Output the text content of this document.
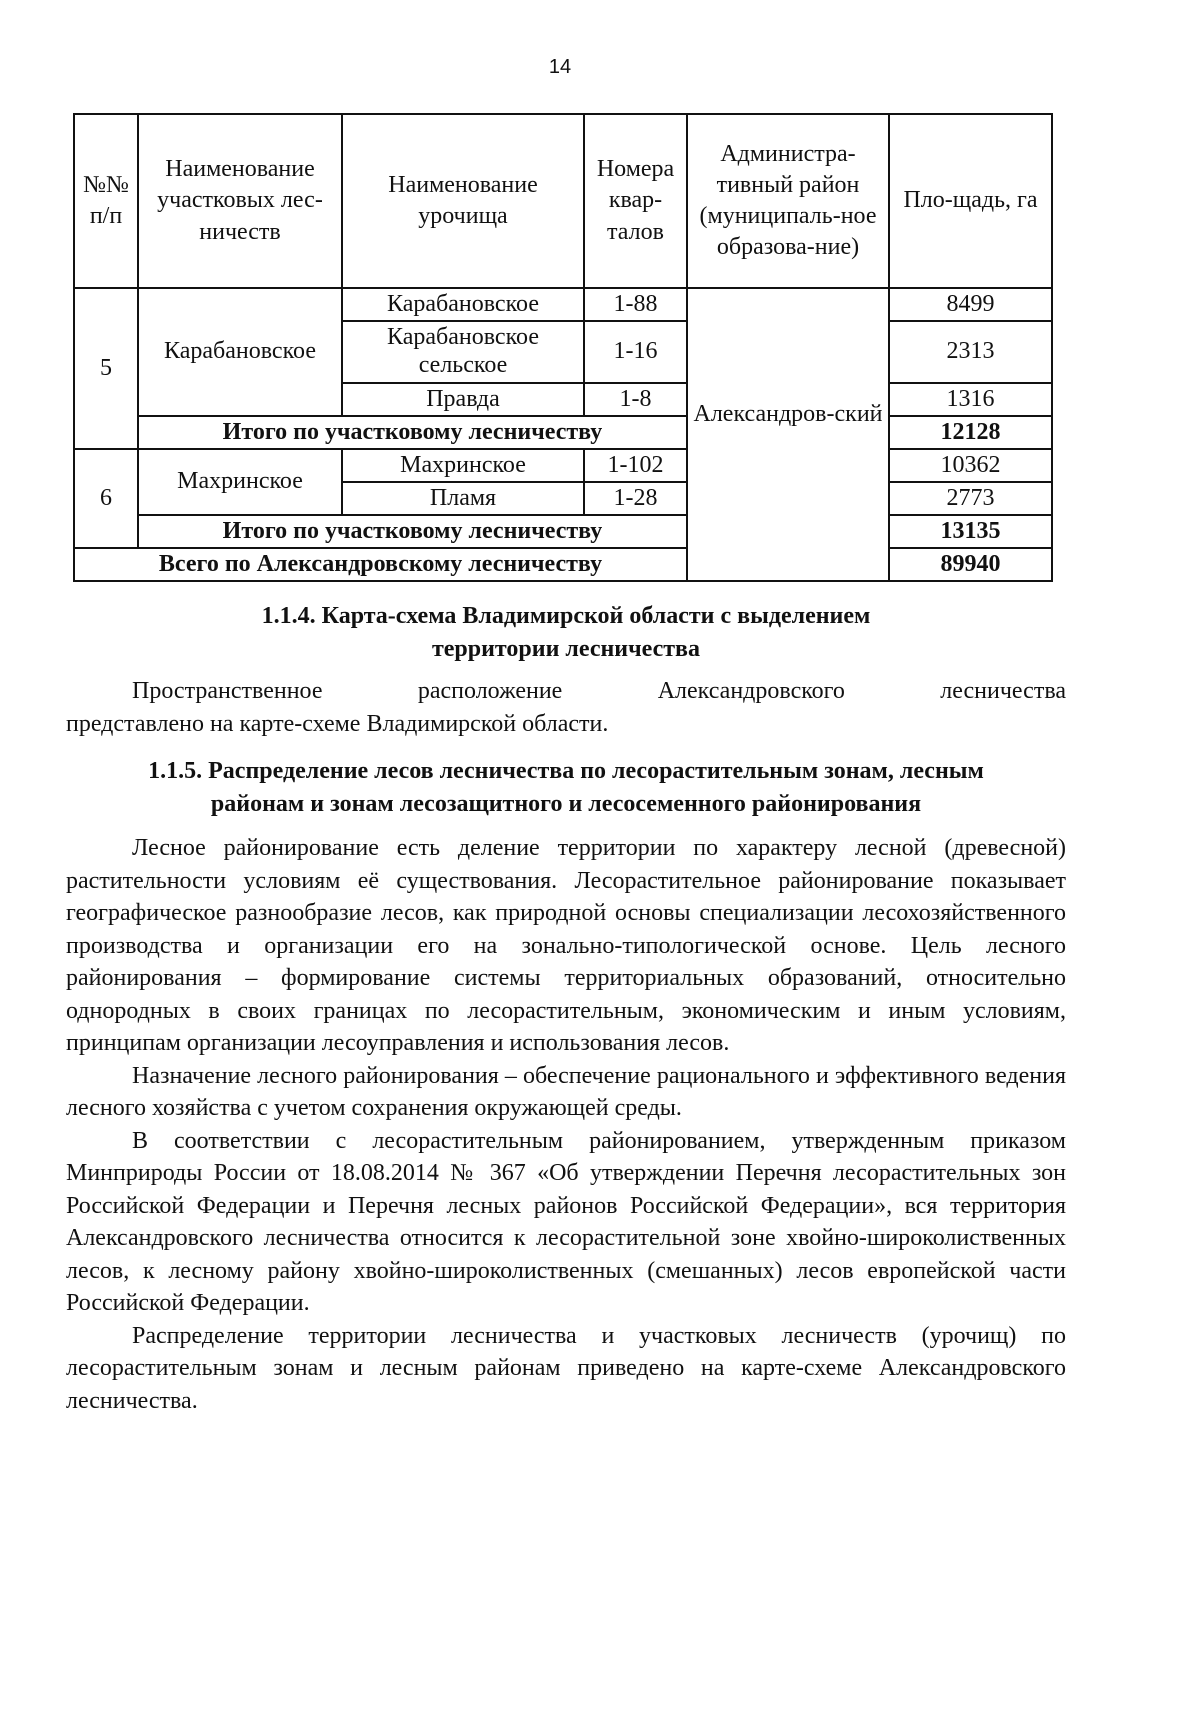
14
№№ п/п	Наименование участковых лес-ничеств	Наименование урочища	Номера квар-талов	Администра-тивный район (муниципаль-ное образова-ние)	Пло-щадь, га
5	Карабановское	Карабановское	1-88	Александров-ский	8499
		Карабановское сельское	1-16		2313
		Правда	1-8		1316
	Итого по участковому лесничеству				12128
6	Махринское	Махринское	1-102		10362
		Пламя	1-28		2773
	Итого по участковому лесничеству				13135
Всего по Александровскому лесничеству					89940
1.1.4. Карта-схема Владимирской области с выделением
территории лесничества
Пространственное расположение Александровского лесничества
представлено на карте-схеме Владимирской области.
1.1.5. Распределение лесов лесничества по лесорастительным зонам, лесным
районам и зонам лесозащитного и лесосеменного районирования

Лесное районирование есть деление территории по характеру лесной (древесной) растительности условиям её существования. Лесорастительное районирование показывает географическое разнообразие лесов, как природной основы специализации лесохозяйственного производства и организации его на зонально-типологической основе. Цель лесного районирования – формирование системы территориальных образований, относительно однородных в своих границах по лесорастительным, экономическим и иным условиям, принципам организации лесоуправления и использования лесов.

Назначение лесного районирования – обеспечение рационального и эффективного ведения лесного хозяйства с учетом сохранения окружающей среды.

В соответствии с лесорастительным районированием, утвержденным приказом Минприроды России от 18.08.2014 № 367 «Об утверждении Перечня лесорастительных зон Российской Федерации и Перечня лесных районов Российской Федерации», вся территория Александровского лесничества относится к лесорастительной зоне хвойно-широколиственных лесов, к лесному району хвойно-широколиственных (смешанных) лесов европейской части Российской Федерации.

Распределение территории лесничества и участковых лесничеств (урочищ) по лесорастительным зонам и лесным районам приведено на карте-схеме Александровского лесничества.
